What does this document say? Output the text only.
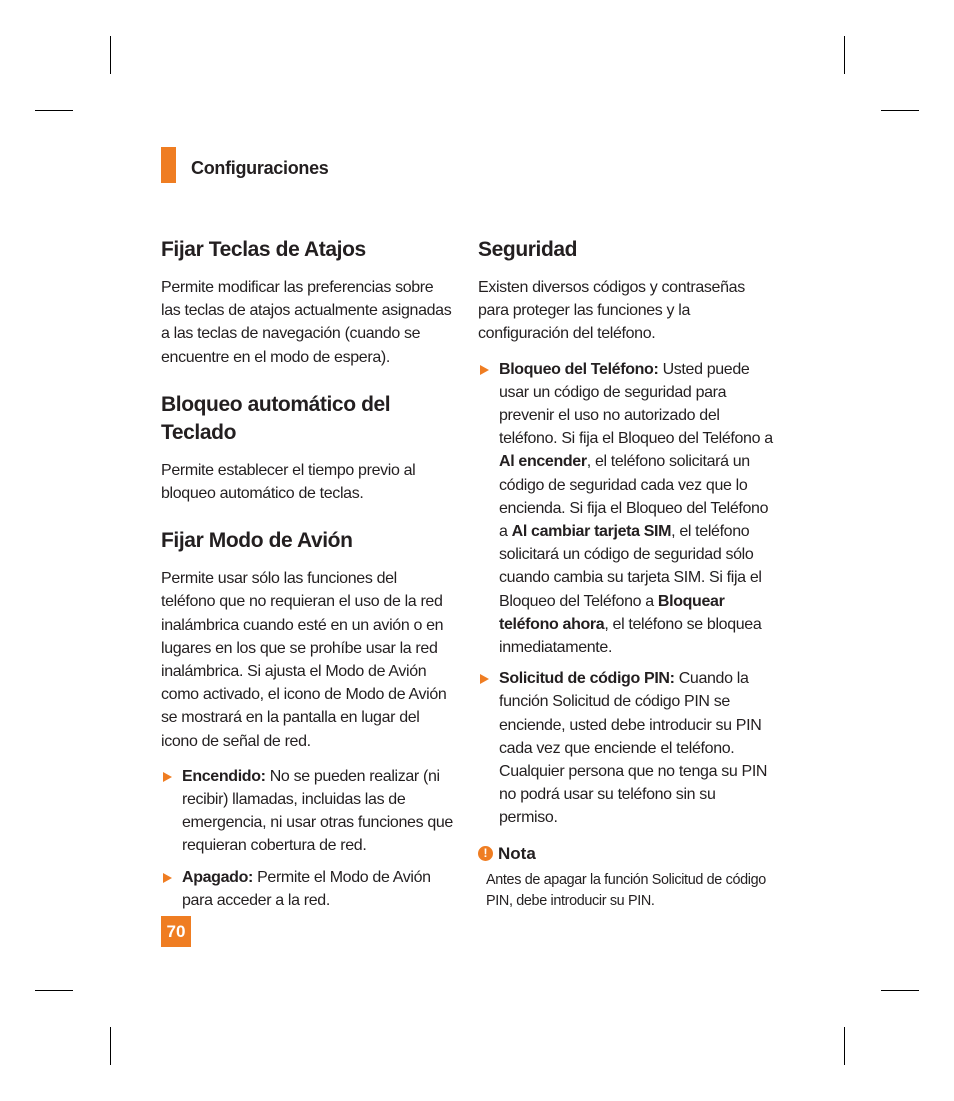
Configuraciones
Fijar Teclas de Atajos

Permite modificar las preferencias sobre las teclas de atajos actualmente asignadas a las teclas de navegación (cuando se encuentre en el modo de espera).

Bloqueo automático del Teclado

Permite establecer el tiempo previo al bloqueo automático de teclas.

Fijar Modo de Avión

Permite usar sólo las funciones del teléfono que no requieran el uso de la red inalámbrica cuando esté en un avión o en lugares en los que se prohíbe usar la red inalámbrica. Si ajusta el Modo de Avión como activado, el icono de Modo de Avión se mostrará en la pantalla en lugar del icono de señal de red.

Encendido: No se pueden realizar (ni recibir) llamadas, incluidas las de emergencia, ni usar otras funciones que requieran cobertura de red.
Apagado: Permite el Modo de Avión para acceder a la red.
Seguridad

Existen diversos códigos y contraseñas para proteger las funciones y la configuración del teléfono.

Bloqueo del Teléfono: Usted puede usar un código de seguridad para prevenir el uso no autorizado del teléfono. Si fija el Bloqueo del Teléfono a Al encender, el teléfono solicitará un código de seguridad cada vez que lo encienda. Si fija el Bloqueo del Teléfono a Al cambiar tarjeta SIM, el teléfono solicitará un código de seguridad sólo cuando cambia su tarjeta SIM. Si fija el Bloqueo del Teléfono a Bloquear teléfono ahora, el teléfono se bloquea inmediatamente.
Solicitud de código PIN: Cuando la función Solicitud de código PIN se enciende, usted debe introducir su PIN cada vez que enciende el teléfono. Cualquier persona que no tenga su PIN no podrá usar su teléfono sin su permiso.
! Nota

Antes de apagar la función Solicitud de código PIN, debe introducir su PIN.

70
